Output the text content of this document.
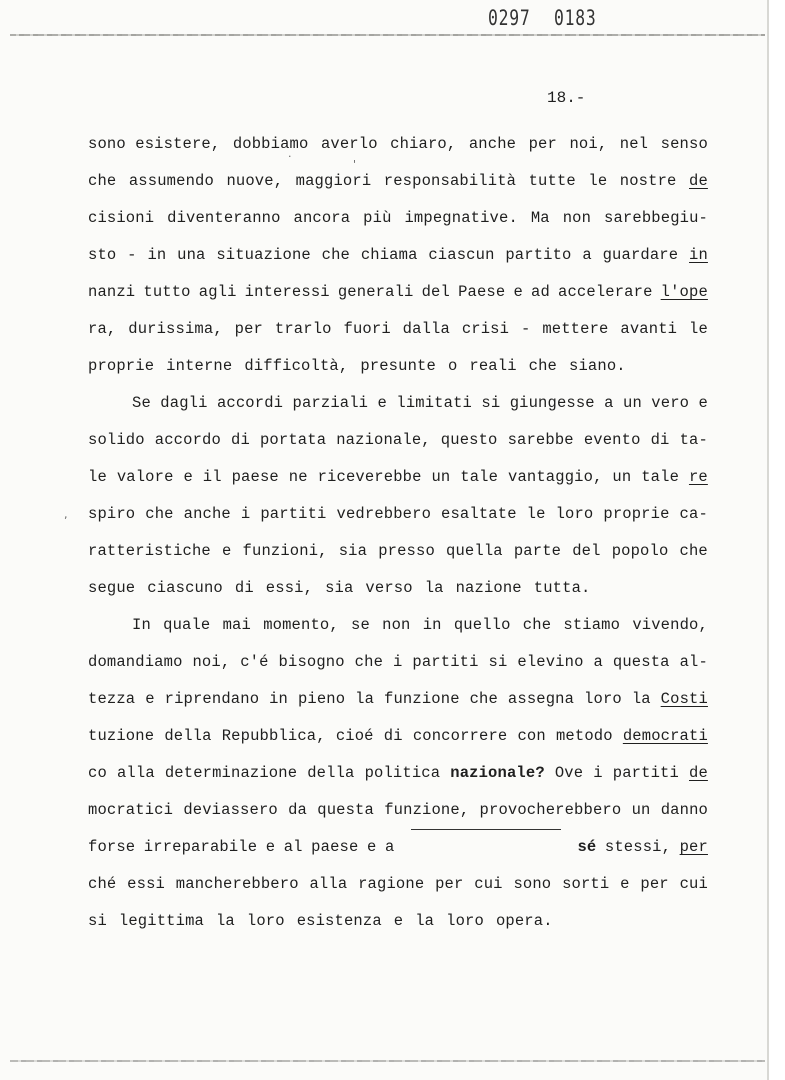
0297 0183
18.-
·
'
,
sono esistere, dobbiamo averlo chiaro, anche per noi, nel senso
che assumendo nuove, maggiori responsabilità tutte le nostre de
cisioni diventeranno ancora più impegnative. Ma non sarebbegiu-
sto - in una situazione che chiama ciascun partito a guardare in
nanzi tutto agli interessi generali del Paese e ad accelerare l'ope
ra, durissima, per trarlo fuori dalla crisi - mettere avanti le
proprie interne difficoltà, presunte o reali che siano.
Se dagli accordi parziali e limitati si giungesse a un vero e
solido accordo di portata nazionale, questo sarebbe evento di ta-
le valore e il paese ne riceverebbe un tale vantaggio, un tale re
spiro che anche i partiti vedrebbero esaltate le loro proprie ca-
ratteristiche e funzioni, sia presso quella parte del popolo che
segue ciascuno di essi, sia verso la nazione tutta.
In quale mai momento, se non in quello che stiamo vivendo,
domandiamo noi, c'é bisogno che i partiti si elevino a questa al-
tezza e riprendano in pieno la funzione che assegna loro la Costi
tuzione della Repubblica, cioé di concorrere con metodo democrati
co alla determinazione della politica nazionale? Ove i partiti de
mocratici deviassero da questa funzione, provocherebbero un danno
forse irreparabile e al paese e a	sé stessi, per
ché essi mancherebbero alla ragione per cui sono sorti e per cui
si legittima la loro esistenza e la loro opera.
